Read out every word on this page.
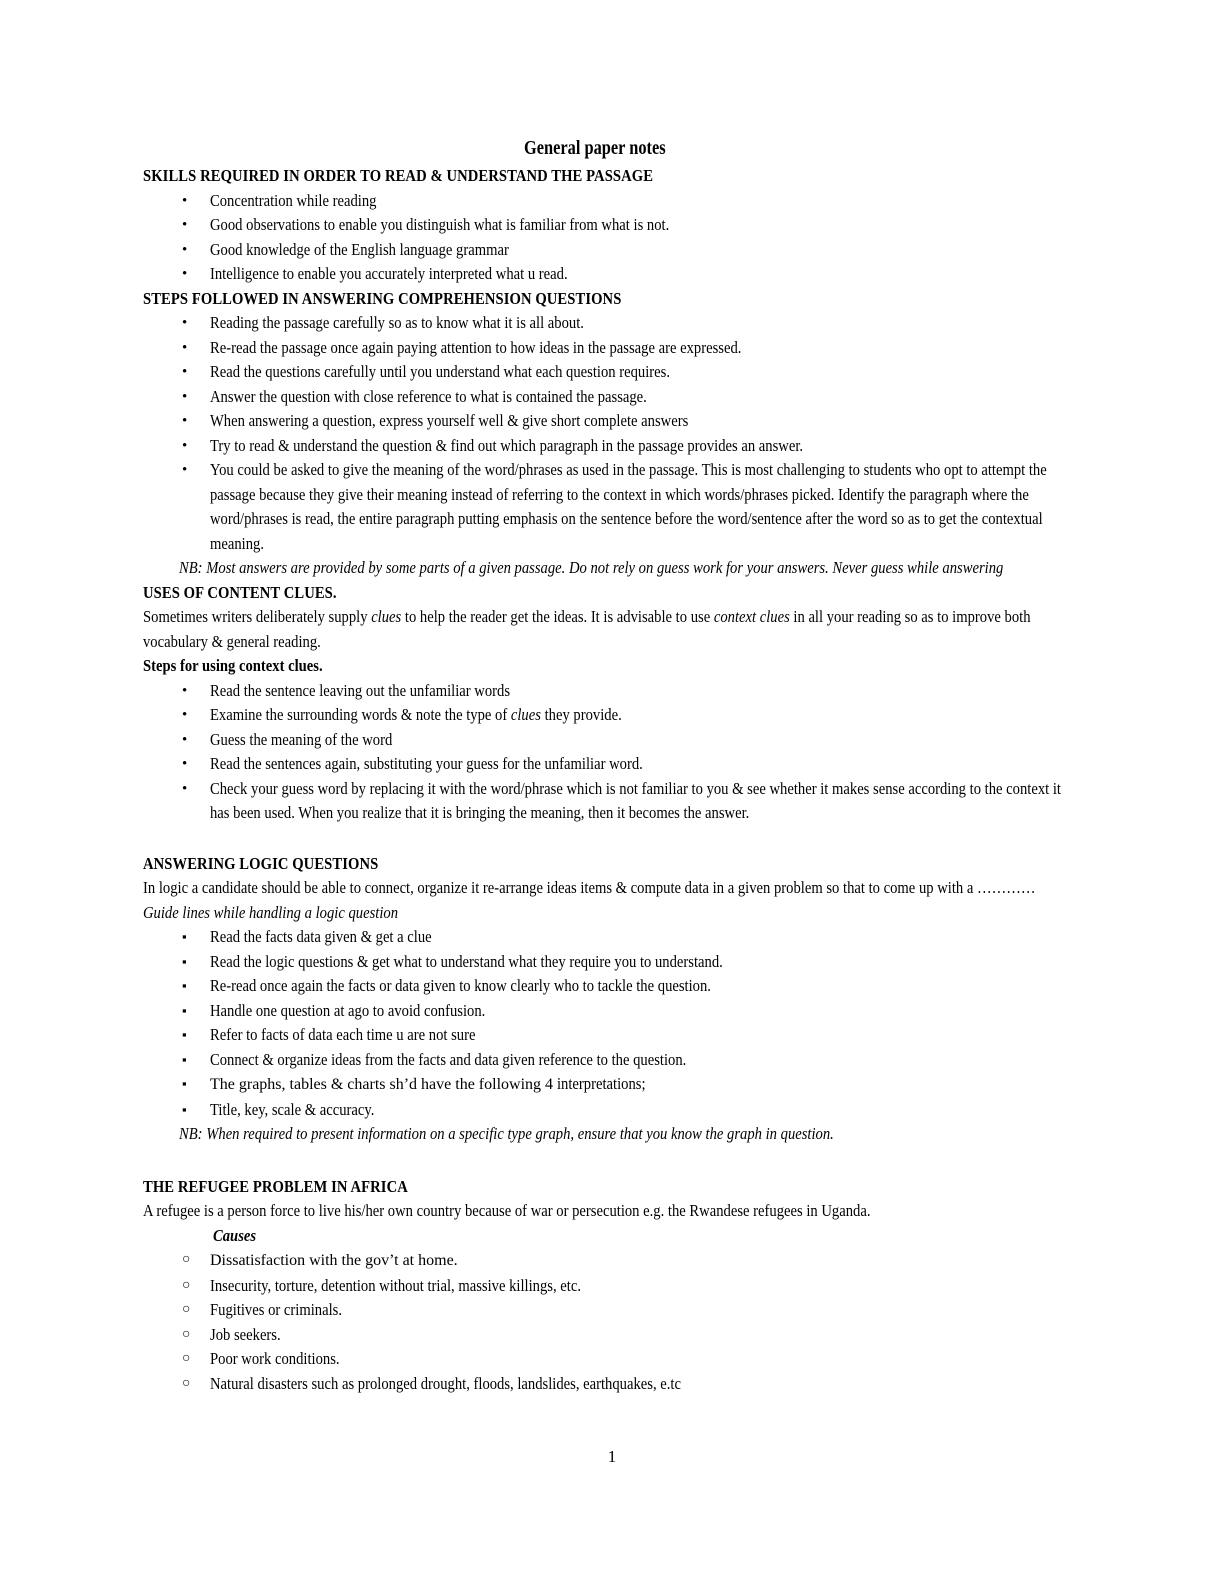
General paper notes
SKILLS REQUIRED IN ORDER TO READ & UNDERSTAND THE PASSAGE
•	Concentration while reading
•	Good observations to enable you distinguish what is familiar from what is not.
•	Good knowledge of the English language grammar
•	Intelligence to enable you accurately interpreted what u read.
STEPS FOLLOWED IN ANSWERING COMPREHENSION QUESTIONS
•	Reading the passage carefully so as to know what it is all about.
•	Re-read the passage once again paying attention to how ideas in the passage are expressed.
•	Read the questions carefully until you understand what each question requires.
•	Answer the question with close reference to what is contained the passage.
•	When answering a question, express yourself well & give short complete answers
•	Try to read & understand the question & find out which paragraph in the passage provides an answer.
•	You could be asked to give the meaning of the word/phrases as used in the passage. This is most challenging to students who opt to attempt the passage because they give their meaning instead of referring to the context in which words/phrases picked. Identify the paragraph where the word/phrases is read, the entire paragraph putting emphasis on the sentence before the word/sentence after the word so as to get the contextual meaning.
NB: Most answers are provided by some parts of a given passage. Do not rely on guess work for your answers. Never guess while answering
USES OF CONTENT CLUES.

Sometimes writers deliberately supply clues to help the reader get the ideas. It is advisable to use context clues in all your reading so as to improve both vocabulary & general reading.

Steps for using context clues.

•	Read the sentence leaving out the unfamiliar words
•	Examine the surrounding words & note the type of clues they provide.
•	Guess the meaning of the word
•	Read the sentences again, substituting your guess for the unfamiliar word.
•	Check your guess word by replacing it with the word/phrase which is not familiar to you & see whether it makes sense according to the context it has been used. When you realize that it is bringing the meaning, then it becomes the answer.
ANSWERING LOGIC QUESTIONS

In logic a candidate should be able to connect, organize it re-arrange ideas items & compute data in a given problem so that to come up with a …………

Guide lines while handling a logic question

▪	Read the facts data given & get a clue
▪	Read the logic questions & get what to understand what they require you to understand.
▪	Re-read once again the facts or data given to know clearly who to tackle the question.
▪	Handle one question at ago to avoid confusion.
▪	Refer to facts of data each time u are not sure
▪	Connect & organize ideas from the facts and data given reference to the question.
▪	The graphs, tables & charts sh’d have the following 4 interpretations;
▪	Title, key, scale & accuracy.
NB: When required to present information on a specific type graph, ensure that you know the graph in question.
THE REFUGEE PROBLEM IN AFRICA

A refugee is a person force to live his/her own country because of war or persecution e.g. the Rwandese refugees in Uganda.

Causes
○	Dissatisfaction with the gov’t at home.
○	Insecurity, torture, detention without trial, massive killings, etc.
○	Fugitives or criminals.
○	Job seekers.
○	Poor work conditions.
○	Natural disasters such as prolonged drought, floods, landslides, earthquakes, e.tc
1
